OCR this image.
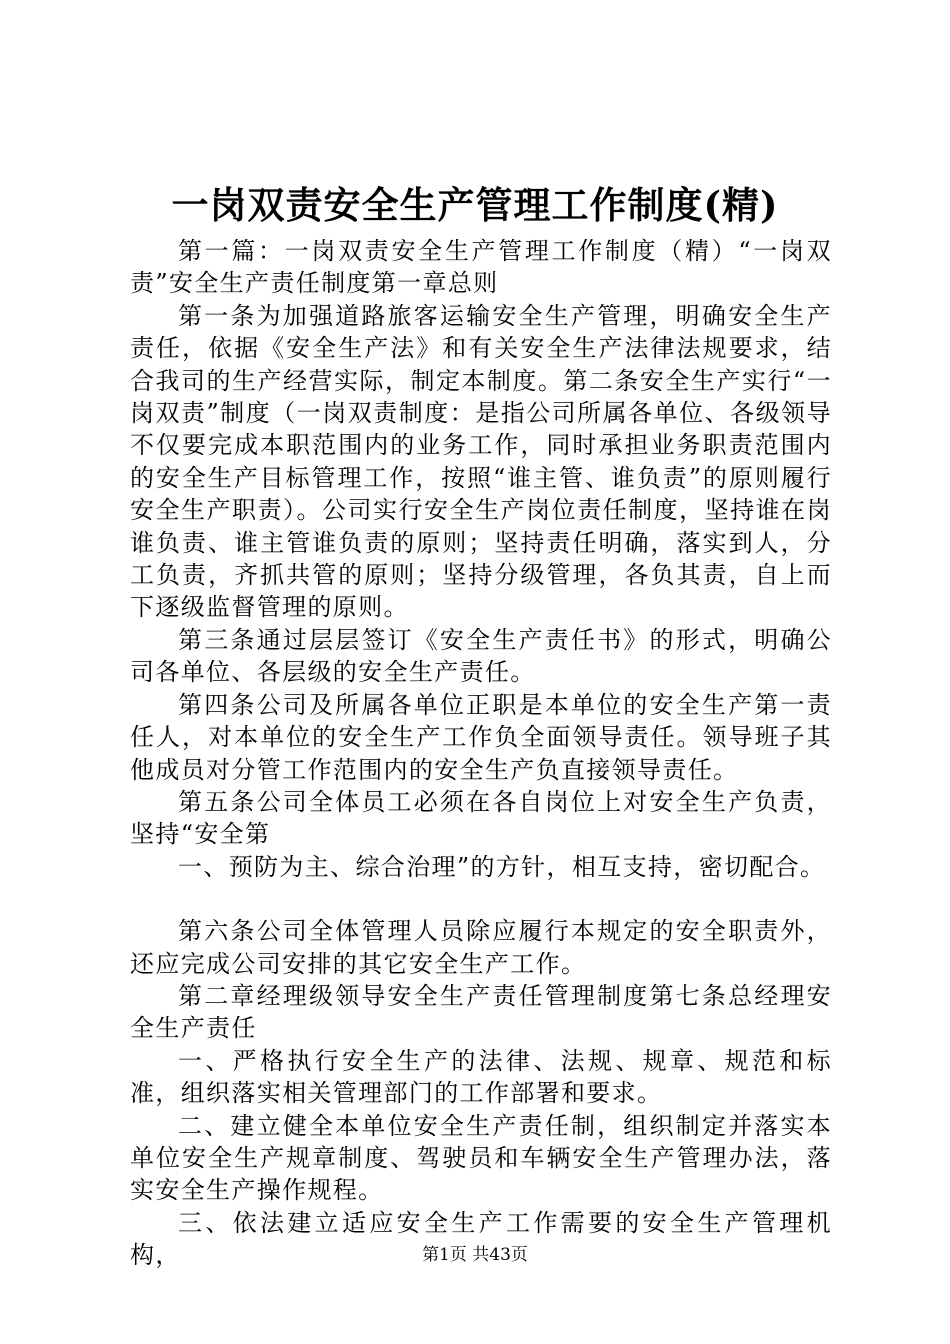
一岗双责安全生产管理工作制度(精)

第一篇：一岗双责安全生产管理工作制度（精）“一岗双责”安全生产责任制度第一章总则

第一条为加强道路旅客运输安全生产管理，明确安全生产责任，依据《安全生产法》和有关安全生产法律法规要求，结合我司的生产经营实际，制定本制度。第二条安全生产实行“一岗双责”制度（一岗双责制度：是指公司所属各单位、各级领导不仅要完成本职范围内的业务工作，同时承担业务职责范围内的安全生产目标管理工作，按照“谁主管、谁负责”的原则履行安全生产职责）。公司实行安全生产岗位责任制度，坚持谁在岗谁负责、谁主管谁负责的原则；坚持责任明确，落实到人，分工负责，齐抓共管的原则；坚持分级管理，各负其责，自上而下逐级监督管理的原则。

第三条通过层层签订《安全生产责任书》的形式，明确公司各单位、各层级的安全生产责任。

第四条公司及所属各单位正职是本单位的安全生产第一责任人，对本单位的安全生产工作负全面领导责任。领导班子其他成员对分管工作范围内的安全生产负直接领导责任。

第五条公司全体员工必须在各自岗位上对安全生产负责，坚持“安全第

一、预防为主、综合治理”的方针，相互支持，密切配合。

第六条公司全体管理人员除应履行本规定的安全职责外，还应完成公司安排的其它安全生产工作。

第二章经理级领导安全生产责任管理制度第七条总经理安全生产责任

一、严格执行安全生产的法律、法规、规章、规范和标准，组织落实相关管理部门的工作部署和要求。

二、建立健全本单位安全生产责任制，组织制定并落实本单位安全生产规章制度、驾驶员和车辆安全生产管理办法，落实安全生产操作规程。

三、依法建立适应安全生产工作需要的安全生产管理机构，	第1页 共43页
